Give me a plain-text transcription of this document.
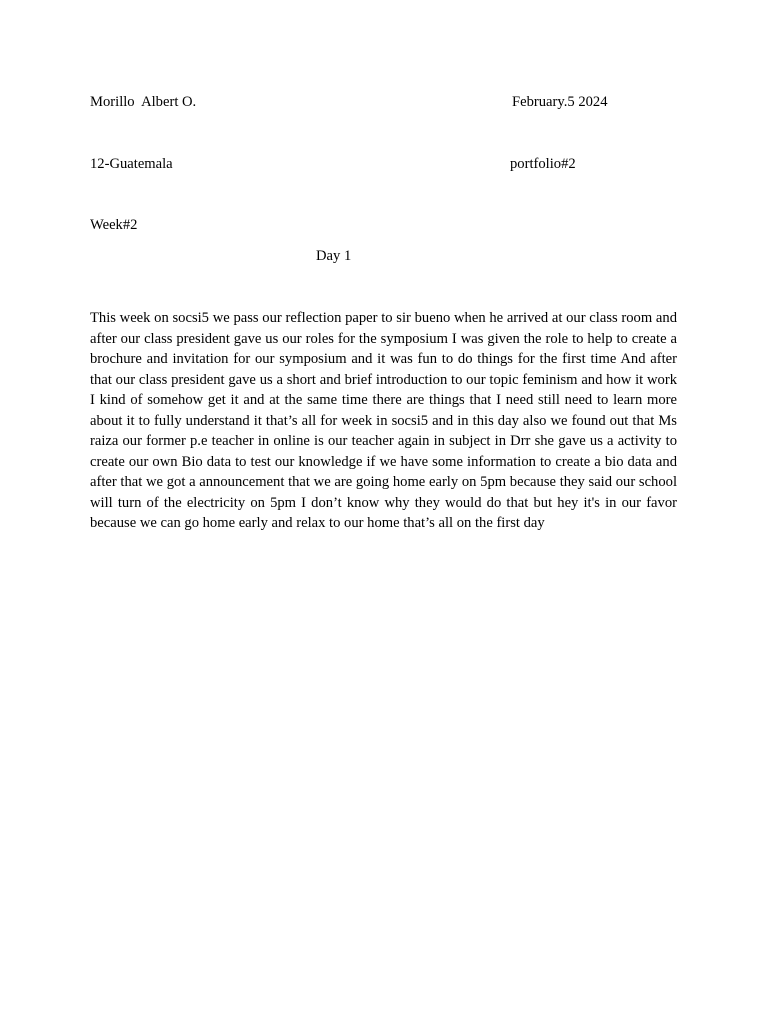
Morillo  Albert O.	February.5 2024
12-Guatemala	portfolio#2
Week#2
Day 1

This week on socsi5 we pass our reflection paper to sir bueno when he arrived at our class room and after our class president gave us our roles for the symposium I was given the role to help to create a brochure and invitation for our symposium and it was fun to do things for the first time And after that our class president gave us a short and brief introduction to our topic feminism and how it work I kind of somehow get it and at the same time there are things that I need still need to learn more about it to fully understand it that’s all for week in socsi5 and in this day also we found out that Ms raiza our former p.e teacher in online is our teacher again in subject in Drr she gave us a activity to create our own Bio data to test our knowledge if we have some information to create a bio data and after that we got a announcement that we are going home early on 5pm because they said our school will turn of the electricity on 5pm I don’t know why they would do that but hey it's in our favor because we can go home early and relax to our home that’s all on the first day
